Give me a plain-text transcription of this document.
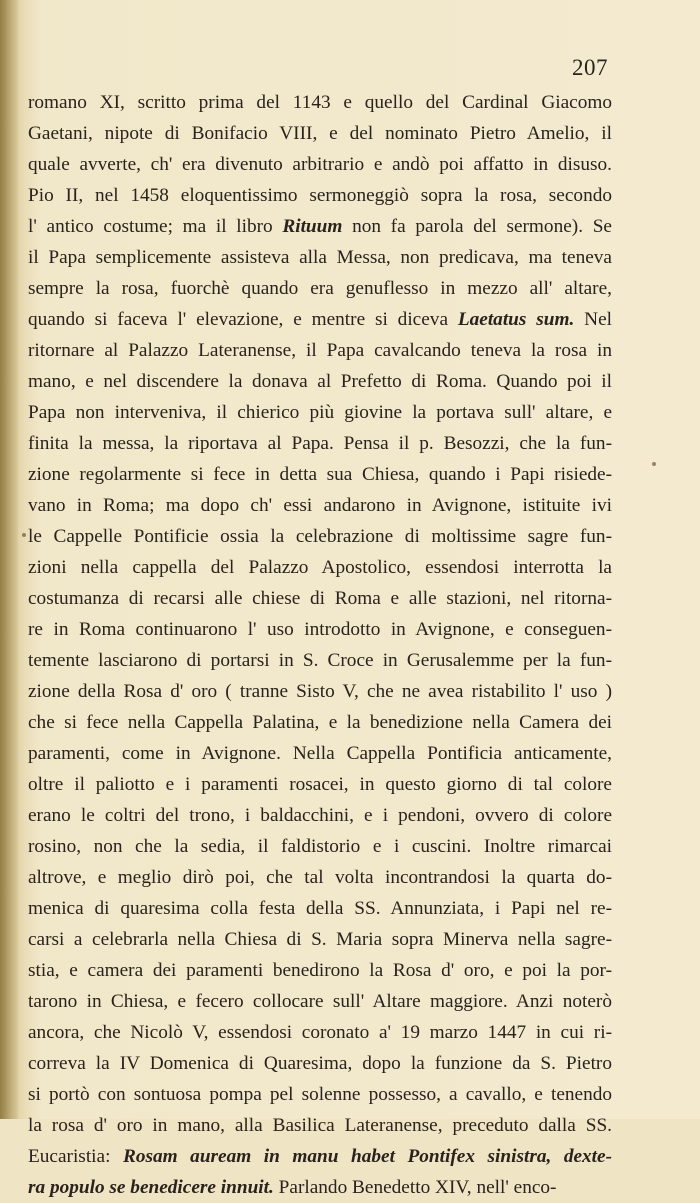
207
romano XI, scritto prima del 1143 e quello del Cardinal Giacomo
Gaetani, nipote di Bonifacio VIII, e del nominato Pietro Amelio, il
quale avverte, ch' era divenuto arbitrario e andò poi affatto in disuso.
Pio II, nel 1458 eloquentissimo sermoneggiò sopra la rosa, secondo
l' antico costume; ma il libro Rituum non fa parola del sermone). Se
il Papa semplicemente assisteva alla Messa, non predicava, ma teneva
sempre la rosa, fuorchè quando era genuflesso in mezzo all' altare,
quando si faceva l' elevazione, e mentre si diceva Laetatus sum. Nel
ritornare al Palazzo Lateranense, il Papa cavalcando teneva la rosa in
mano, e nel discendere la donava al Prefetto di Roma. Quando poi il
Papa non interveniva, il chierico più giovine la portava sull' altare, e
finita la messa, la riportava al Papa. Pensa il p. Besozzi, che la fun-
zione regolarmente si fece in detta sua Chiesa, quando i Papi risiede-
vano in Roma; ma dopo ch' essi andarono in Avignone, istituite ivi
le Cappelle Pontificie ossia la celebrazione di moltissime sagre fun-
zioni nella cappella del Palazzo Apostolico, essendosi interrotta la
costumanza di recarsi alle chiese di Roma e alle stazioni, nel ritorna-
re in Roma continuarono l' uso introdotto in Avignone, e conseguen-
temente lasciarono di portarsi in S. Croce in Gerusalemme per la fun-
zione della Rosa d' oro ( tranne Sisto V, che ne avea ristabilito l' uso )
che si fece nella Cappella Palatina, e la benedizione nella Camera dei
paramenti, come in Avignone. Nella Cappella Pontificia anticamente,
oltre il paliotto e i paramenti rosacei, in questo giorno di tal colore
erano le coltri del trono, i baldacchini, e i pendoni, ovvero di colore
rosino, non che la sedia, il faldistorio e i cuscini. Inoltre rimarcai
altrove, e meglio dirò poi, che tal volta incontrandosi la quarta do-
menica di quaresima colla festa della SS. Annunziata, i Papi nel re-
carsi a celebrarla nella Chiesa di S. Maria sopra Minerva nella sagre-
stia, e camera dei paramenti benedirono la Rosa d' oro, e poi la por-
tarono in Chiesa, e fecero collocare sull' Altare maggiore. Anzi noterò
ancora, che Nicolò V, essendosi coronato a' 19 marzo 1447 in cui ri-
correva la IV Domenica di Quaresima, dopo la funzione da S. Pietro
si portò con sontuosa pompa pel solenne possesso, a cavallo, e tenendo
la rosa d' oro in mano, alla Basilica Lateranense, preceduto dalla SS.
Eucaristia: Rosam auream in manu habet Pontifex sinistra, dexte-
ra populo se benedicere innuit. Parlando Benedetto XIV, nell' enco-
